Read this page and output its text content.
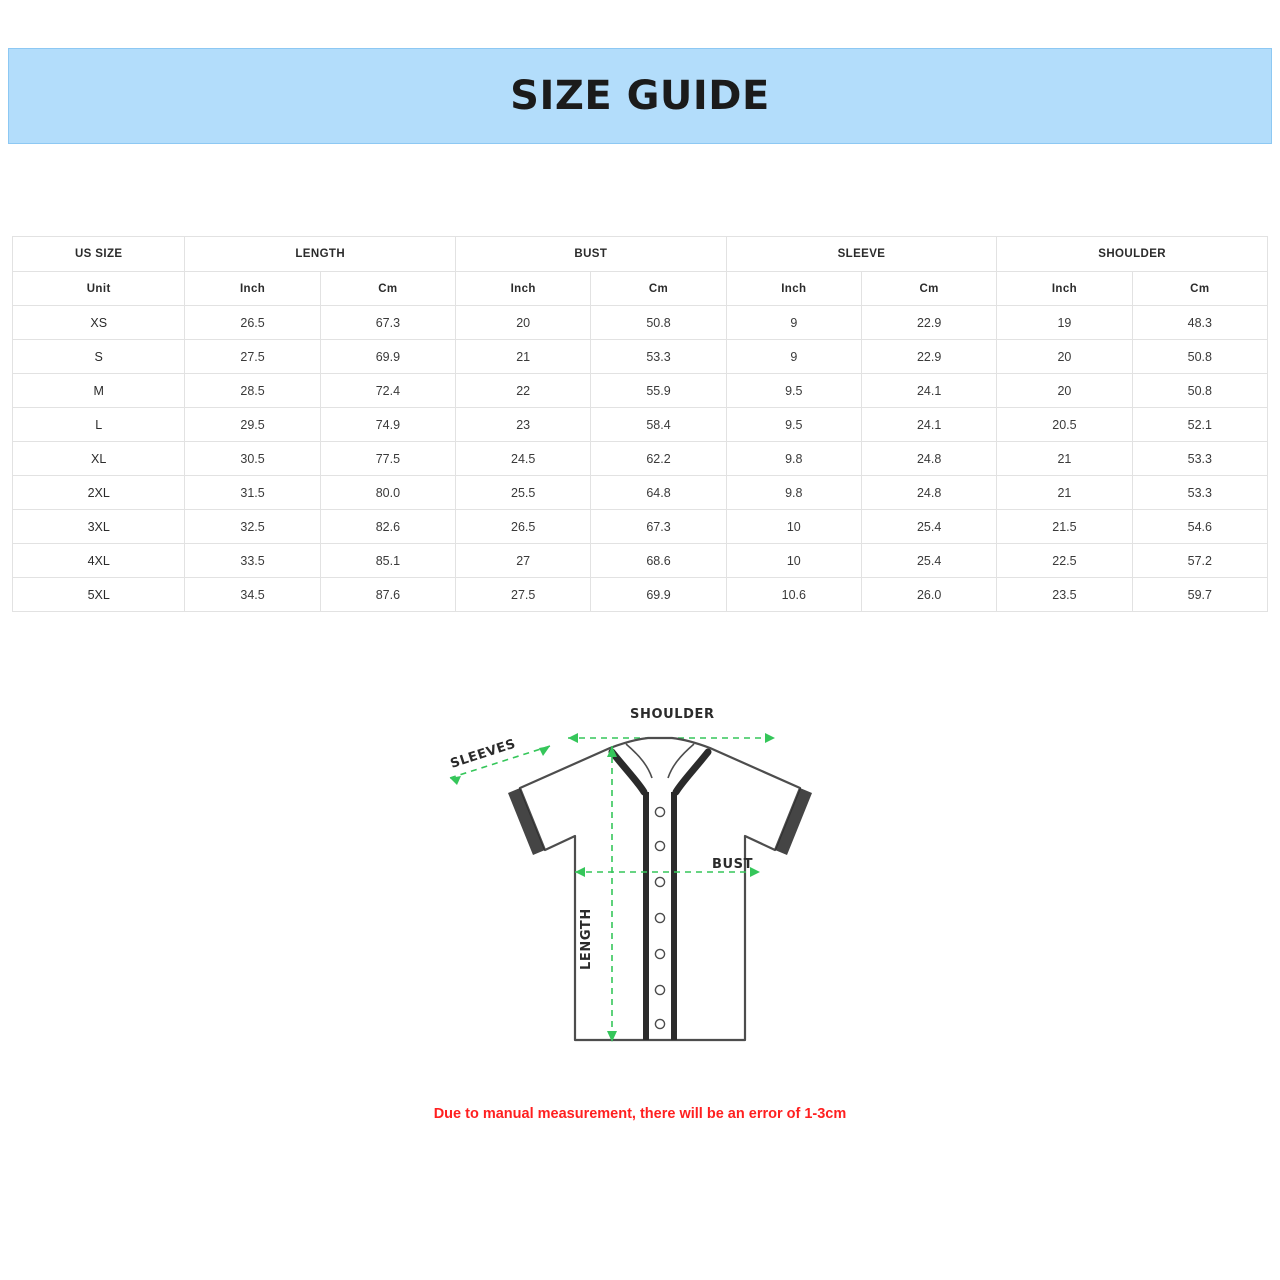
SIZE GUIDE
US SIZE	LENGTH		BUST		SLEEVE		SHOULDER	
Unit	Inch	Cm	Inch	Cm	Inch	Cm	Inch	Cm
XS	26.5	67.3	20	50.8	9	22.9	19	48.3
S	27.5	69.9	21	53.3	9	22.9	20	50.8
M	28.5	72.4	22	55.9	9.5	24.1	20	50.8
L	29.5	74.9	23	58.4	9.5	24.1	20.5	52.1
XL	30.5	77.5	24.5	62.2	9.8	24.8	21	53.3
2XL	31.5	80.0	25.5	64.8	9.8	24.8	21	53.3
3XL	32.5	82.6	26.5	67.3	10	25.4	21.5	54.6
4XL	33.5	85.1	27	68.6	10	25.4	22.5	57.2
5XL	34.5	87.6	27.5	69.9	10.6	26.0	23.5	59.7
SHOULDER
SLEEVES
BUST
LENGTH
Due to manual measurement, there will be an error of 1-3cm
